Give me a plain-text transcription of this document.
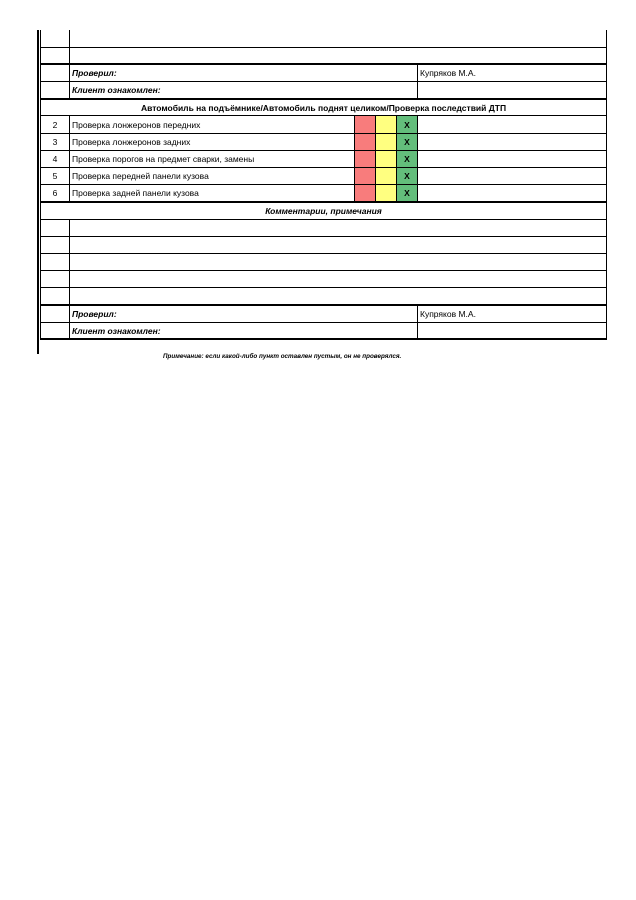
	Проверил:				Купряков М.А.
	Клиент ознакомлен:				
Автомобиль на подъёмнике/Автомобиль поднят целиком/Проверка последствий ДТП					
2	Проверка лонжеронов передних			X	
3	Проверка лонжеронов задних			X	
4	Проверка порогов на предмет сварки, замены			X	
5	Проверка передней панели кузова			X	
6	Проверка задней панели кузова			X	
Комментарии, примечания					

	Проверил:				Купряков М.А.
	Клиент ознакомлен:				
Примечание: если какой-либо пункт оставлен пустым, он не проверялся.
